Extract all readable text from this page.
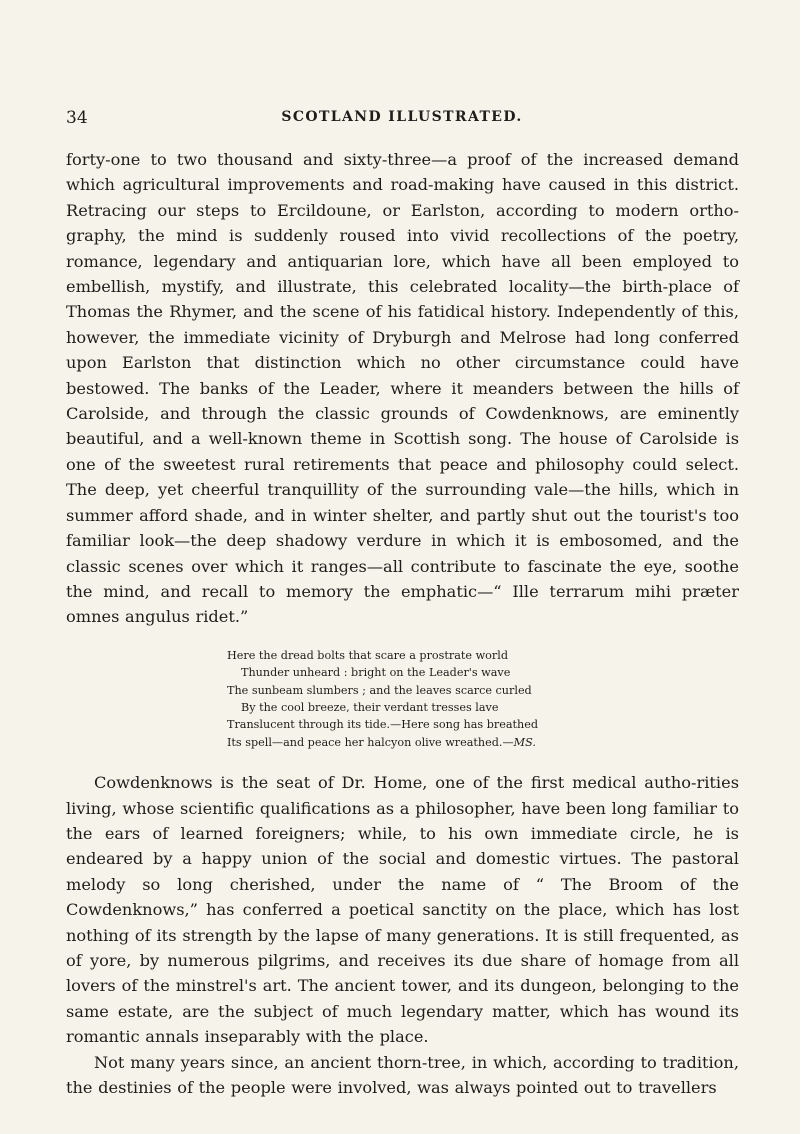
34	SCOTLAND ILLUSTRATED.

forty-one to two thousand and sixty-three—a proof of the increased demand which agricultural improvements and road-making have caused in this district. Retracing our steps to Ercildoune, or Earlston, according to modern ortho-graphy, the mind is suddenly roused into vivid recollections of the poetry, romance, legendary and antiquarian lore, which have all been employed to embellish, mystify, and illustrate, this celebrated locality—the birth-place of Thomas the Rhymer, and the scene of his fatidical history. Independently of this, however, the immediate vicinity of Dryburgh and Melrose had long conferred upon Earlston that distinction which no other circumstance could have bestowed. The banks of the Leader, where it meanders between the hills of Carolside, and through the classic grounds of Cowdenknows, are eminently beautiful, and a well-known theme in Scottish song. The house of Carolside is one of the sweetest rural retirements that peace and philosophy could select. The deep, yet cheerful tranquillity of the surrounding vale—the hills, which in summer afford shade, and in winter shelter, and partly shut out the tourist's too familiar look—the deep shadowy verdure in which it is embosomed, and the classic scenes over which it ranges—all contribute to fascinate the eye, soothe the mind, and recall to memory the emphatic—“ Ille terrarum mihi præter omnes angulus ridet.”

Here the dread bolts that scare a prostrate world
Thunder unheard : bright on the Leader's wave
The sunbeam slumbers ; and the leaves scarce curled
By the cool breeze, their verdant tresses lave
Translucent through its tide.—Here song has breathed
Its spell—and peace her halcyon olive wreathed.—MS.

Cowdenknows is the seat of Dr. Home, one of the first medical autho-rities living, whose scientific qualifications as a philosopher, have been long familiar to the ears of learned foreigners; while, to his own immediate circle, he is endeared by a happy union of the social and domestic virtues. The pastoral melody so long cherished, under the name of “ The Broom of the Cowdenknows,” has conferred a poetical sanctity on the place, which has lost nothing of its strength by the lapse of many generations. It is still frequented, as of yore, by numerous pilgrims, and receives its due share of homage from all lovers of the minstrel's art. The ancient tower, and its dungeon, belonging to the same estate, are the subject of much legendary matter, which has wound its romantic annals inseparably with the place.

Not many years since, an ancient thorn-tree, in which, according to tradition, the destinies of the people were involved, was always pointed out to travellers
